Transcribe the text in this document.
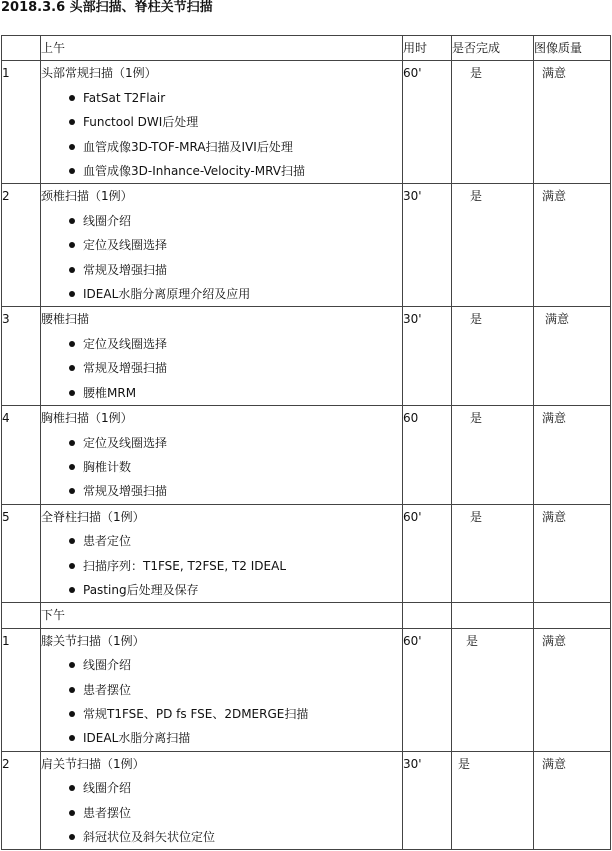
2018.3.6 头部扫描、脊柱关节扫描
	上午	用时	是否完成	图像质量
1	头部常规扫描（1例）
FatSat T2Flair
Functool DWI后处理
血管成像3D-TOF-MRA扫描及IVI后处理
血管成像3D-Inhance-Velocity-MRV扫描	60'	是	满意

2	颈椎扫描（1例）
线圈介绍
定位及线圈选择
常规及增强扫描
IDEAL水脂分离原理介绍及应用	30'	是	满意

3	腰椎扫描
定位及线圈选择
常规及增强扫描
腰椎MRM	30'	是	满意

4	胸椎扫描（1例）
定位及线圈选择
胸椎计数
常规及增强扫描	60	是	满意

5	全脊柱扫描（1例）
患者定位
扫描序列：T1FSE, T2FSE, T2 IDEAL
Pasting后处理及保存	60'	是	满意

	下午			
1	膝关节扫描（1例）
线圈介绍
患者摆位
常规T1FSE、PD fs FSE、2DMERGE扫描
IDEAL水脂分离扫描	60'	是	满意

2	肩关节扫描（1例）
线圈介绍
患者摆位
斜冠状位及斜矢状位定位	30'	是	满意
